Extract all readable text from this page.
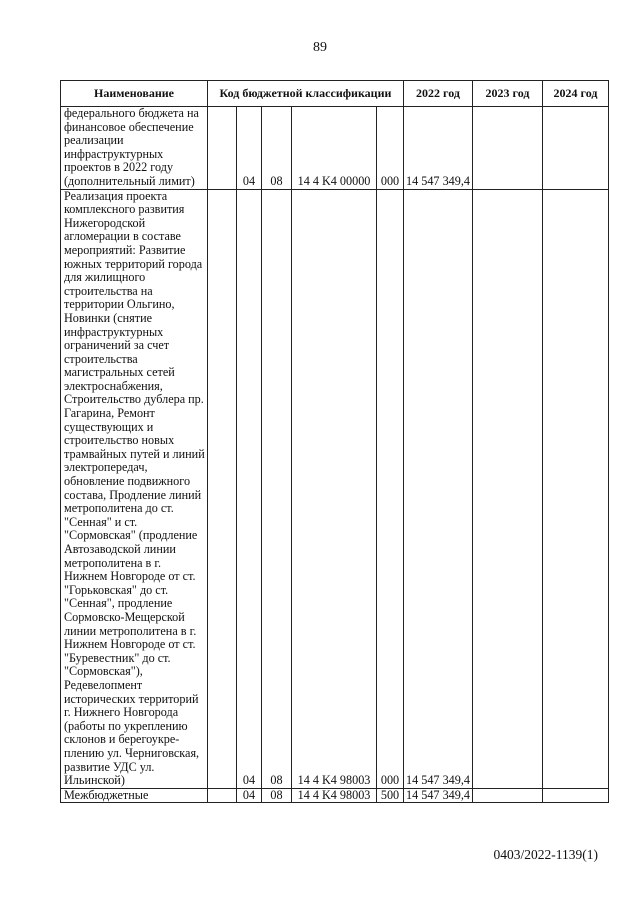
89
Наименование	Код бюджетной классификации					2022 год	2023 год	2024 год
федерального бюджета на финансовое обеспечение реализации инфраструктурных проектов в 2022 году (дополнительный лимит)		04	08	14 4 K4 00000	000	14 547 349,4		
Реализация проекта комплексного развития Нижегородской агломерации в составе мероприятий: Развитие южных территорий города для жилищного строительства на территории Ольгино, Новинки (снятие инфраструктурных ограничений за счет строительства магистральных сетей электроснабжения, Строительство дублера пр. Гагарина, Ремонт существующих и строительство новых трамвайных путей и линий электропередач, обновление подвижного состава, Продление линий метрополитена до ст. "Сенная" и ст. "Сормовская" (продление Автозаводской линии метрополитена в г. Нижнем Новгороде от ст. "Горьковская" до ст. "Сенная", продление Сормовско-Мещерской линии метрополитена в г. Нижнем Новгороде от ст. "Буревестник" до ст. "Сормовская"), Редевелопмент исторических территорий г. Нижнего Новгорода (работы по укреплению склонов и берегоукре-плению ул. Черниговская, развитие УДС ул. Ильинской)		04	08	14 4 K4 98003	000	14 547 349,4		
Межбюджетные		04	08	14 4 K4 98003	500	14 547 349,4		
0403/2022-1139(1)
